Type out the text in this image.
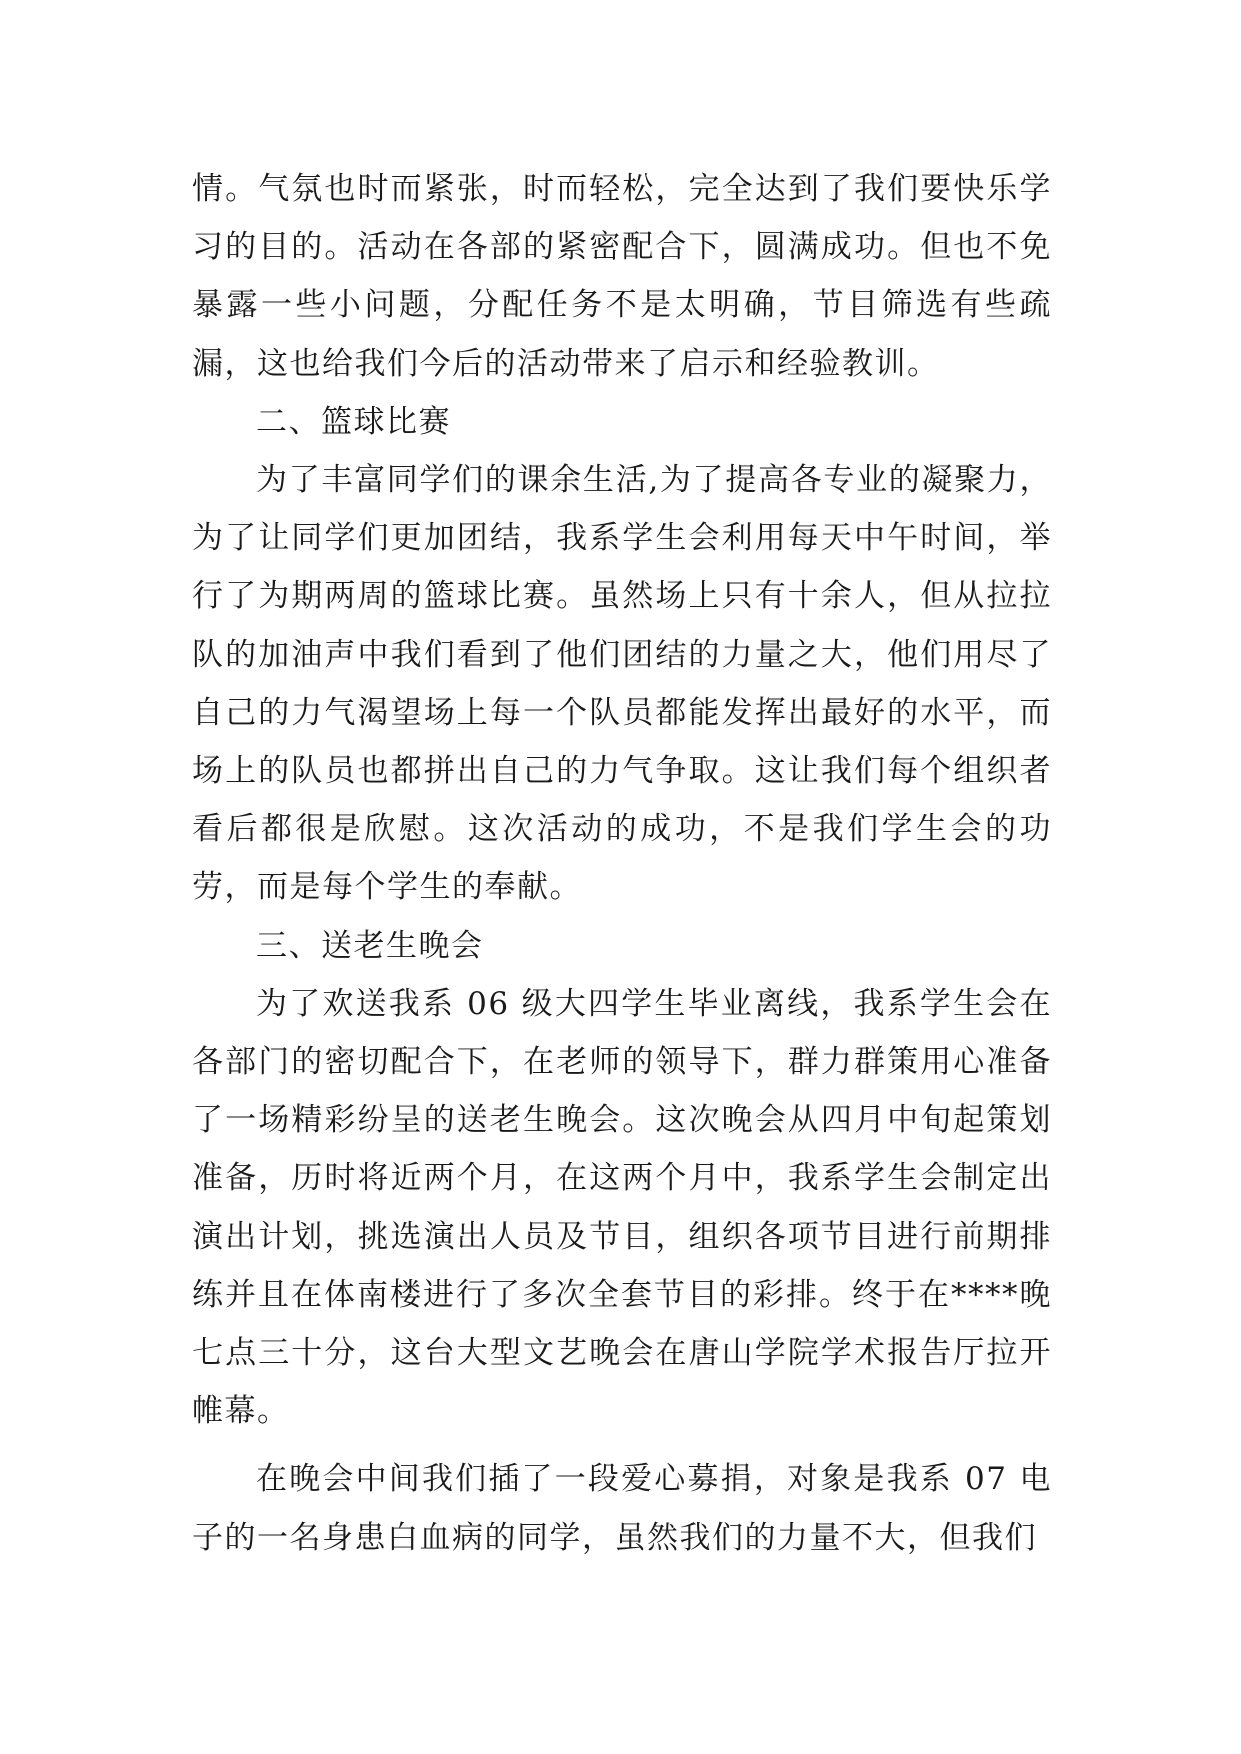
情。气氛也时而紧张，时而轻松，完全达到了我们要快乐学习的目的。活动在各部的紧密配合下，圆满成功。但也不免暴露一些小问题，分配任务不是太明确，节目筛选有些疏漏，这也给我们今后的活动带来了启示和经验教训。

二、篮球比赛

为了丰富同学们的课余生活,为了提高各专业的凝聚力，为了让同学们更加团结，我系学生会利用每天中午时间，举行了为期两周的篮球比赛。虽然场上只有十余人，但从拉拉队的加油声中我们看到了他们团结的力量之大，他们用尽了自己的力气渴望场上每一个队员都能发挥出最好的水平，而场上的队员也都拼出自己的力气争取。这让我们每个组织者看后都很是欣慰。这次活动的成功，不是我们学生会的功劳，而是每个学生的奉献。

三、送老生晚会

为了欢送我系 06 级大四学生毕业离线，我系学生会在各部门的密切配合下，在老师的领导下，群力群策用心准备了一场精彩纷呈的送老生晚会。这次晚会从四月中旬起策划准备，历时将近两个月，在这两个月中，我系学生会制定出演出计划，挑选演出人员及节目，组织各项节目进行前期排练并且在体南楼进行了多次全套节目的彩排。终于在****晚七点三十分，这台大型文艺晚会在唐山学院学术报告厅拉开帷幕。

在晚会中间我们插了一段爱心募捐，对象是我系 07 电子的一名身患白血病的同学，虽然我们的力量不大，但我们
